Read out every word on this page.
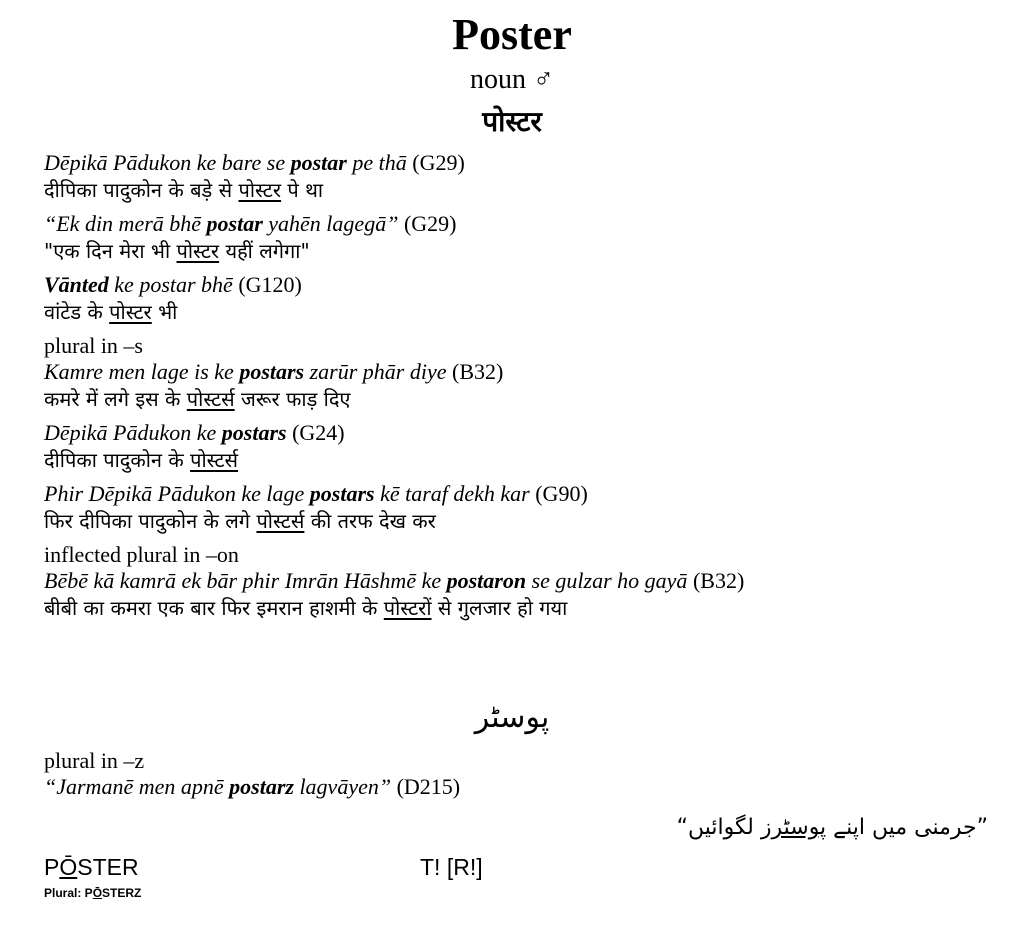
Poster
noun ♂
पोस्टर
Dēpikā Pādukon ke bare se postar pe thā (G29)
दीपिका पादुकोन के बड़े से पोस्टर पे था
“Ek din merā bhē postar yahēn lagegā” (G29)
"एक दिन मेरा भी पोस्टर यहीं लगेगा"
Vānted ke postar bhē (G120)
वांटेड के पोस्टर भी
plural in –s
Kamre men lage is ke postars zarūr phār diye (B32)
कमरे में लगे इस के पोस्टर्स जरूर फाड़ दिए
Dēpikā Pādukon ke postars (G24)
दीपिका पादुकोन के पोस्टर्स
Phir Dēpikā Pādukon ke lage postars kē taraf dekh kar (G90)
फिर दीपिका पादुकोन के लगे पोस्टर्स की तरफ देख कर
inflected plural in –on
Bēbē kā kamrā ek bār phir Imrān Hāshmē ke postaron se gulzar ho gayā (B32)
बीबी का कमरा एक बार फिर इमरान हाशमी के पोस्टरों से गुलजार हो गया
پوسٹر
plural in –z
“Jarmanē men apnē postarz lagvāyen” (D215)
”جرمنی میں اپنے پوسٹرز لگوائیں“
PŌSTER	T! [R!]
Plural: PŌSTERZ
